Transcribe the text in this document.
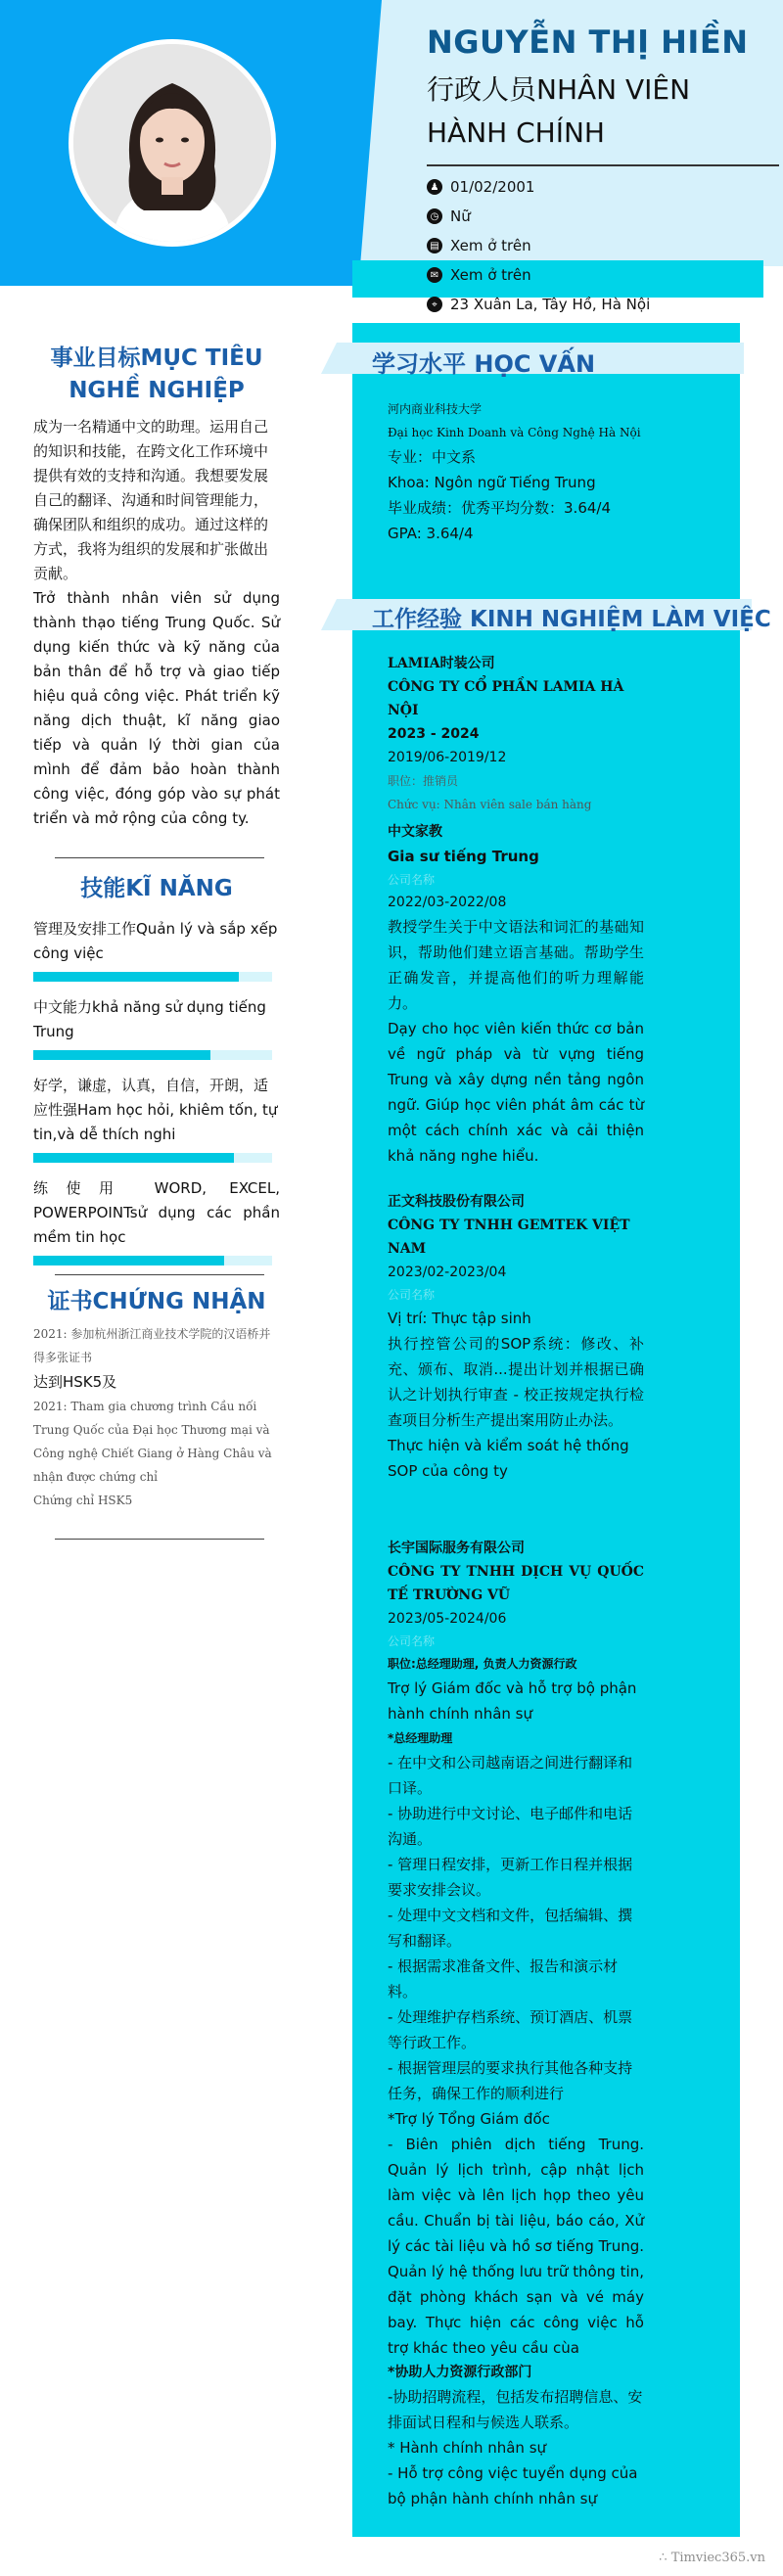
NGUYỄN THỊ HIỀN
行政人员NHÂN VIÊN HÀNH CHÍNH
♟ 01/02/2001
◷ Nữ
▤ Xem ở trên
✉ Xem ở trên
⌖ 23 Xuân La, Tây Hồ, Hà Nội
事业目标MỤC TIÊU NGHỀ NGHIỆP
成为一名精通中文的助理。运用自己的知识和技能，在跨文化工作环境中提供有效的支持和沟通。我想要发展自己的翻译、沟通和时间管理能力，确保团队和组织的成功。通过这样的方式，我将为组织的发展和扩张做出贡献。
Trở thành nhân viên sử dụng thành thạo tiếng Trung Quốc. Sử dụng kiến thức và kỹ năng của bản thân để hỗ trợ và giao tiếp hiệu quả công việc. Phát triển kỹ năng dịch thuật, kĩ năng giao tiếp và quản lý thời gian của mình để đảm bảo hoàn thành công việc, đóng góp vào sự phát triển và mở rộng của công ty.
技能KĨ NĂNG
管理及安排工作Quản lý và sắp xếp công việc
中文能力khả năng sử dụng tiếng Trung
好学，谦虚，认真，自信，开朗，适应性强Ham học hỏi, khiêm tốn, tự tin,và dễ thích nghi
练使用 WORD, EXCEL, POWERPOINTsử dụng các phần mềm tin học
证书CHỨNG NHẬN
2021: 参加杭州浙江商业技术学院的汉语桥并得多张证书
达到HSK5及
2021: Tham gia chương trình Cầu nối Trung Quốc của Đại học Thương mại và Công nghệ Chiết Giang ở Hàng Châu và nhận được chứng chỉ
Chứng chỉ HSK5
学习水平 HỌC VẤN
河内商业科技大学
Đại học Kinh Doanh và Công Nghệ Hà Nội
专业：中文系
Khoa: Ngôn ngữ Tiếng Trung
毕业成绩：优秀平均分数：3.64/4
GPA: 3.64/4
工作经验 KINH NGHIỆM LÀM VIỆC
LAMIA时装公司
CÔNG TY CỔ PHẦN LAMIA HÀ NỘI
2023 - 2024
2019/06-2019/12
职位：推销员
Chức vụ: Nhân viên sale bán hàng
中文家教
Gia sư tiếng Trung
公司名称
2022/03-2022/08
教授学生关于中文语法和词汇的基础知识，帮助他们建立语言基础。帮助学生正确发音，并提高他们的听力理解能力。
Dạy cho học viên kiến thức cơ bản về ngữ pháp và từ vựng tiếng Trung và xây dựng nền tảng ngôn ngữ. Giúp học viên phát âm các từ một cách chính xác và cải thiện khả năng nghe hiểu.
正文科技股份有限公司
CÔNG TY TNHH GEMTEK VIỆT NAM
2023/02-2023/04
公司名称
Vị trí: Thực tập sinh
执行控管公司的SOP系统：修改、补充、颁布、取消...提出计划并根据已确认之计划执行审查 - 校正按规定执行检查项目分析生产提出案用防止办法。
Thực hiện và kiểm soát hệ thống SOP của công ty
长宇国际服务有限公司
CÔNG TY TNHH DỊCH VỤ QUỐC TẾ TRƯỜNG VŨ
2023/05-2024/06
公司名称
职位:总经理助理, 负责人力资源行政
Trợ lý Giám đốc và hỗ trợ bộ phận hành chính nhân sự
*总经理助理
- 在中文和公司越南语之间进行翻译和口译。
- 协助进行中文讨论、电子邮件和电话沟通。
- 管理日程安排，更新工作日程并根据要求安排会议。
- 处理中文文档和文件，包括编辑、撰写和翻译。
- 根据需求准备文件、报告和演示材料。
- 处理维护存档系统、预订酒店、机票等行政工作。
- 根据管理层的要求执行其他各种支持任务，确保工作的顺利进行
*Trợ lý Tổng Giám đốc
- Biên phiên dịch tiếng Trung. Quản lý lịch trình, cập nhật lịch làm việc và lên lịch họp theo yêu cầu. Chuẩn bị tài liệu, báo cáo, Xử lý các tài liệu và hồ sơ tiếng Trung. Quản lý hệ thống lưu trữ thông tin, đặt phòng khách sạn và vé máy bay. Thực hiện các công việc hỗ trợ khác theo yêu cầu cùa
*协助人力资源行政部门
-协助招聘流程，包括发布招聘信息、安排面试日程和与候选人联系。
* Hành chính nhân sự
- Hỗ trợ công việc tuyển dụng của bộ phận hành chính nhân sự
∴ Timviec365.vn
